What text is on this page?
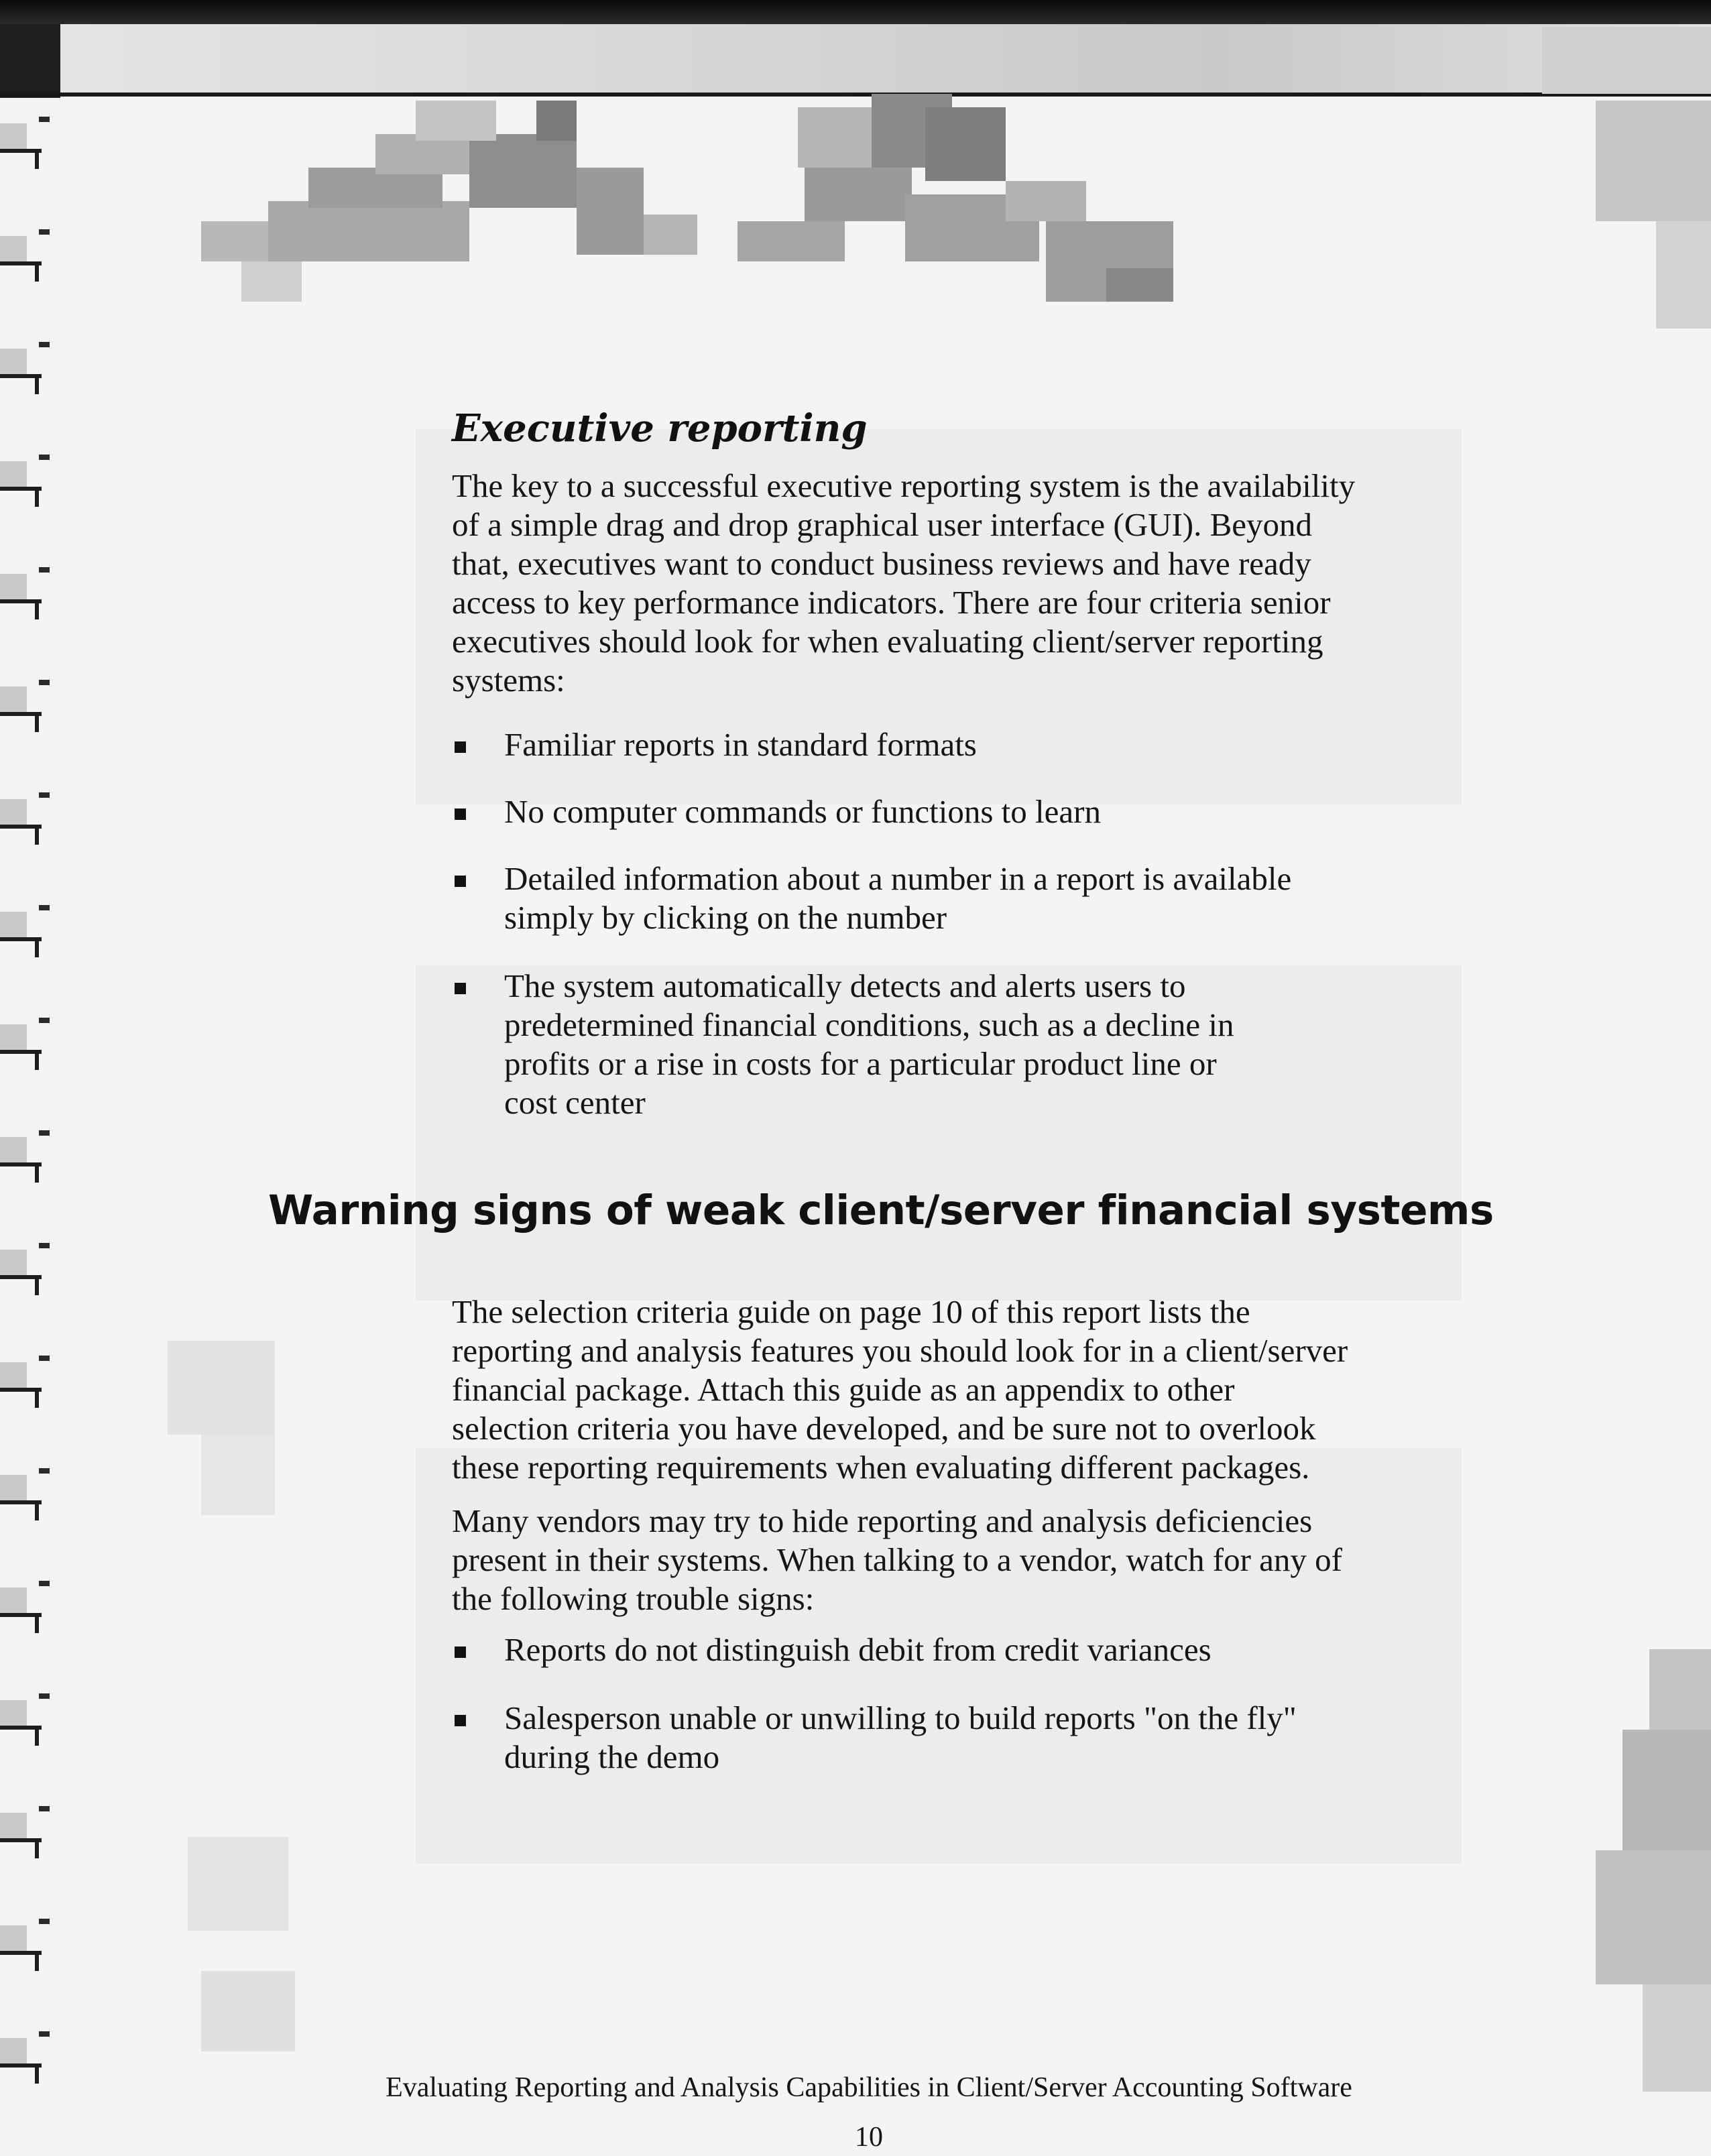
Executive reporting

The key to a successful executive reporting system is the availability
of a simple drag and drop graphical user interface (GUI). Beyond
that, executives want to conduct business reviews and have ready
access to key performance indicators. There are four criteria senior
executives should look for when evaluating client/server reporting
systems:

Familiar reports in standard formats
No computer commands or functions to learn
Detailed information about a number in a report is available
simply by clicking on the number
The system automatically detects and alerts users to
predetermined financial conditions, such as a decline in
profits or a rise in costs for a particular product line or
cost center
Warning signs of weak client/server financial systems

The selection criteria guide on page 10 of this report lists the
reporting and analysis features you should look for in a client/server
financial package. Attach this guide as an appendix to other
selection criteria you have developed, and be sure not to overlook
these reporting requirements when evaluating different packages.

Many vendors may try to hide reporting and analysis deficiencies
present in their systems. When talking to a vendor, watch for any of
the following trouble signs:

Reports do not distinguish debit from credit variances
Salesperson unable or unwilling to build reports "on the fly"
during the demo

Evaluating Reporting and Analysis Capabilities in Client/Server Accounting Software

10
